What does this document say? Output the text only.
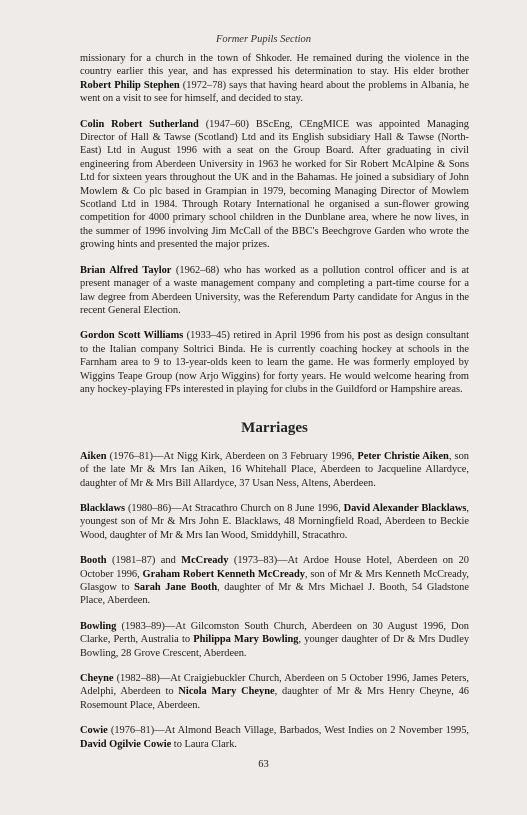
Former Pupils Section

missionary for a church in the town of Shkoder. He remained during the violence in the country earlier this year, and has expressed his determination to stay. His elder brother Robert Philip Stephen (1972–78) says that having heard about the problems in Albania, he went on a visit to see for himself, and decided to stay.

Colin Robert Sutherland (1947–60) BScEng, CEngMICE was appointed Managing Director of Hall & Tawse (Scotland) Ltd and its English subsidiary Hall & Tawse (North-East) Ltd in August 1996 with a seat on the Group Board. After graduating in civil engineering from Aberdeen University in 1963 he worked for Sir Robert McAlpine & Sons Ltd for sixteen years throughout the UK and in the Bahamas. He joined a subsidiary of John Mowlem & Co plc based in Grampian in 1979, becoming Managing Director of Mowlem Scotland Ltd in 1984. Through Rotary International he organised a sun-flower growing competition for 4000 primary school children in the Dunblane area, where he now lives, in the summer of 1996 involving Jim McCall of the BBC's Beechgrove Garden who wrote the growing hints and presented the major prizes.

Brian Alfred Taylor (1962–68) who has worked as a pollution control officer and is at present manager of a waste management company and completing a part-time course for a law degree from Aberdeen University, was the Referendum Party candidate for Angus in the recent General Election.

Gordon Scott Williams (1933–45) retired in April 1996 from his post as design consultant to the Italian company Soltrici Binda. He is currently coaching hockey at schools in the Farnham area to 9 to 13-year-olds keen to learn the game. He was formerly employed by Wiggins Teape Group (now Arjo Wiggins) for forty years. He would welcome hearing from any hockey-playing FPs interested in playing for clubs in the Guildford or Hampshire areas.

Marriages

Aiken (1976–81)—At Nigg Kirk, Aberdeen on 3 February 1996, Peter Christie Aiken, son of the late Mr & Mrs Ian Aiken, 16 Whitehall Place, Aberdeen to Jacqueline Allardyce, daughter of Mr & Mrs Bill Allardyce, 37 Usan Ness, Altens, Aberdeen.

Blacklaws (1980–86)—At Stracathro Church on 8 June 1996, David Alexander Blacklaws, youngest son of Mr & Mrs John E. Blacklaws, 48 Morningfield Road, Aberdeen to Beckie Wood, daughter of Mr & Mrs Ian Wood, Smiddyhill, Stracathro.

Booth (1981–87) and McCready (1973–83)—At Ardoe House Hotel, Aberdeen on 20 October 1996, Graham Robert Kenneth McCready, son of Mr & Mrs Kenneth McCready, Glasgow to Sarah Jane Booth, daughter of Mr & Mrs Michael J. Booth, 54 Gladstone Place, Aberdeen.

Bowling (1983–89)—At Gilcomston South Church, Aberdeen on 30 August 1996, Don Clarke, Perth, Australia to Philippa Mary Bowling, younger daughter of Dr & Mrs Dudley Bowling, 28 Grove Crescent, Aberdeen.

Cheyne (1982–88)—At Craigiebuckler Church, Aberdeen on 5 October 1996, James Peters, Adelphi, Aberdeen to Nicola Mary Cheyne, daughter of Mr & Mrs Henry Cheyne, 46 Rosemount Place, Aberdeen.

Cowie (1976–81)—At Almond Beach Village, Barbados, West Indies on 2 November 1995, David Ogilvie Cowie to Laura Clark.

63
